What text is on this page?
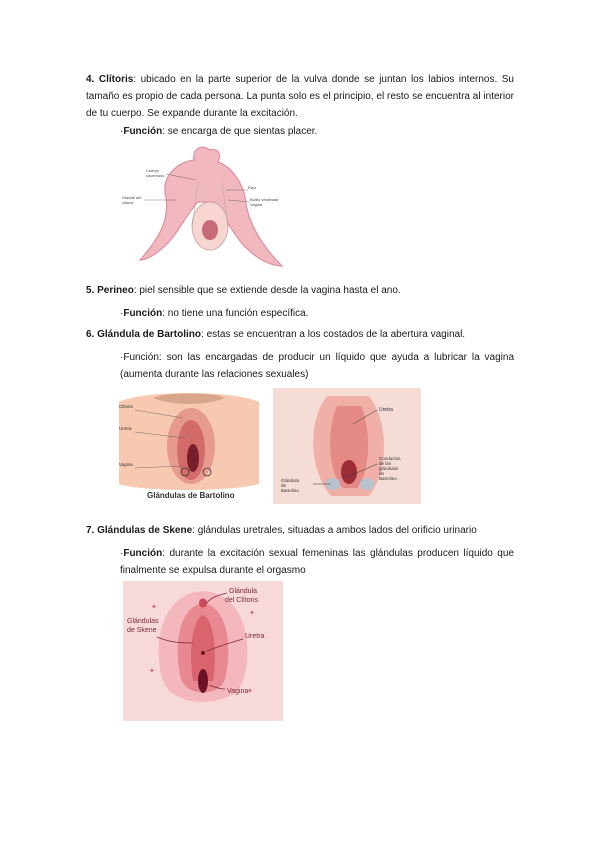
4. Clítoris: ubicado en la parte superior de la vulva donde se juntan los labios internos. Su tamaño es propio de cada persona. La punta solo es el principio, el resto se encuentra al interior de tu cuerpo. Se expande durante la excitación.
·Función: se encarga de que sientas placer.
Cuerpo
cavernoso
Glande del
clítoris
Raíz
Bulbo vestibular
Vagina
5. Perineo: piel sensible que se extiende desde la vagina hasta el ano.
·Función: no tiene una función específica.
6. Glándula de Bartolino: estas se encuentran a los costados de la abertura vaginal.
·Función: son las encargadas de producir un líquido que ayuda a lubricar la vagina (aumenta durante las relaciones sexuales)
Clitoris
Uretra
Vagina
Glándulas de Bartolino
Uretra
Conductos
de las
glándulas
de
Bartolino
Glándula
de
Bartolino
7. Glándulas de Skene: glándulas uretrales, situadas a ambos lados del orificio urinario
·Función: durante la excitación sexual femeninas las glándulas producen líquido que finalmente se expulsa durante el orgasmo
✦
✦
✦
✦
Glándula
del Clítoris
Glándulas
de Skene
Uretra
Vagina
